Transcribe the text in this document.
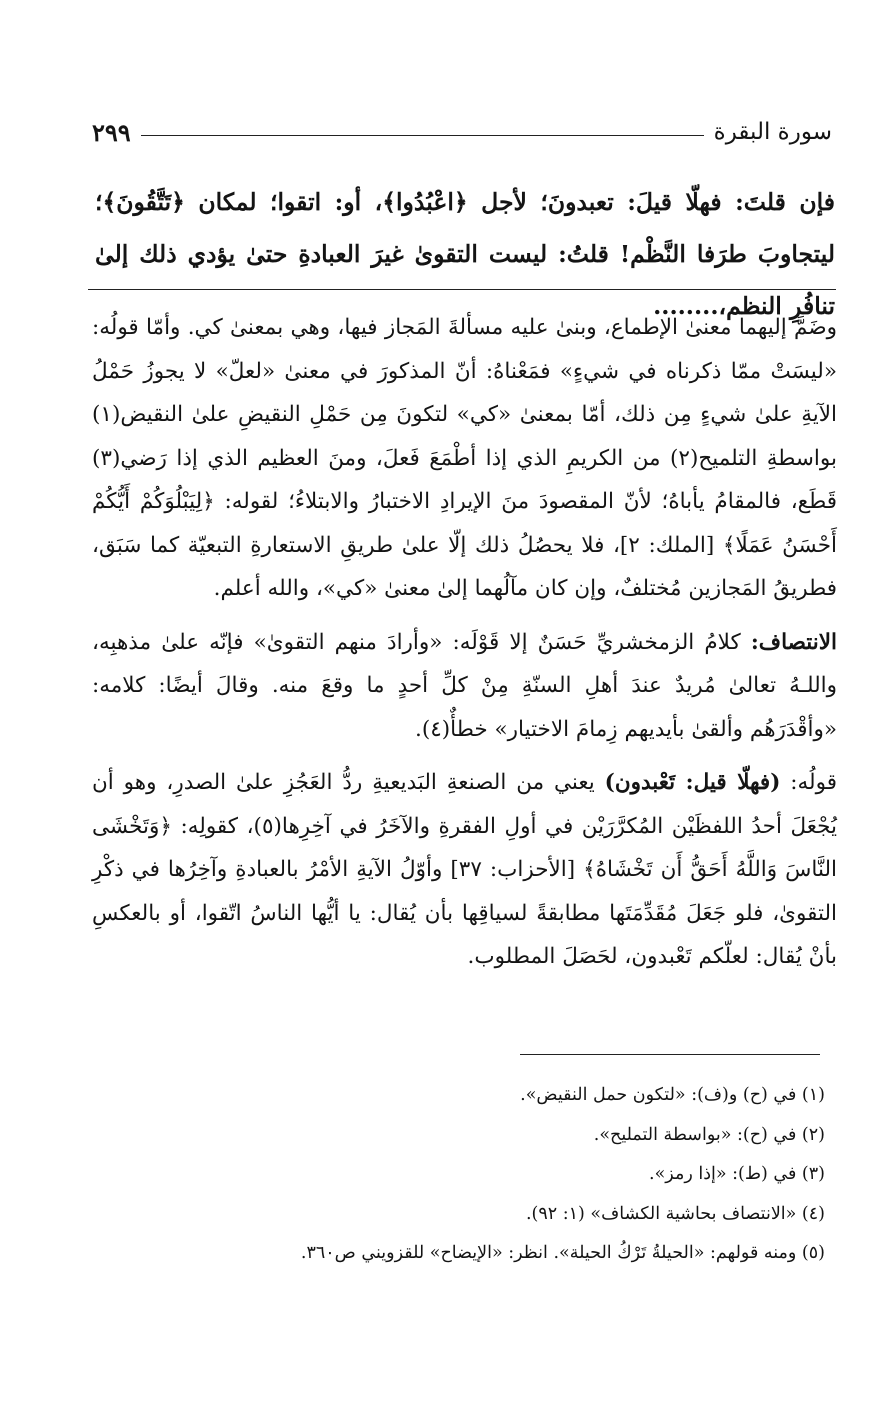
سورة البقرة
٢٩٩
فإن قلتَ: فهلّا قيلَ: تعبدونَ؛ لأجل ﴿اعْبُدُوا﴾، أو: اتقوا؛ لمكان ﴿تَتَّقُونَ﴾؛ ليتجاوبَ طرَفا النَّظْم! قلتُ: ليست التقوىٰ غيرَ العبادةِ حتىٰ يؤدي ذلك إلىٰ تنافُرِ النظم،........

وضَمَّ إليهما معنىٰ الإطماع، وبنىٰ عليه مسألةَ المَجاز فيها، وهي بمعنىٰ كي. وأمّا قولُه: «ليسَتْ ممّا ذكرناه في شيءٍ» فمَعْناهُ: أنّ المذكورَ في معنىٰ «لعلّ» لا يجوزُ حَمْلُ الآيةِ علىٰ شيءٍ مِن ذلك، أمّا بمعنىٰ «كي» لتكونَ مِن حَمْلِ النقيضِ علىٰ النقيض(١) بواسطةِ التلميح(٢) من الكريمِ الذي إذا أطْمَعَ فَعلَ، ومنَ العظيم الذي إذا رَضي(٣) قَطَع، فالمقامُ يأباهُ؛ لأنّ المقصودَ منَ الإيرادِ الاختبارُ والابتلاءُ؛ لقوله: ﴿لِيَبْلُوَكُمْ أَيُّكُمْ أَحْسَنُ عَمَلًا﴾ [الملك: ٢]، فلا يحصُلُ ذلك إلّا علىٰ طريقِ الاستعارةِ التبعيّة كما سَبَق، فطريقُ المَجازين مُختلفٌ، وإن كان مآلُهما إلىٰ معنىٰ «كي»، والله أعلم.

الانتصاف: كلامُ الزمخشريِّ حَسَنٌ إلا قَوْلَه: «وأرادَ منهم التقوىٰ» فإنّه علىٰ مذهبِه، واللـهُ تعالىٰ مُريدٌ عندَ أهلِ السنّةِ مِنْ كلِّ أحدٍ ما وقعَ منه. وقالَ أيضًا: كلامه: «وأقْدَرَهُم وألقىٰ بأيديهم زِمامَ الاختيار» خطأٌ(٤).

قولُه: (فهلّا قيل: تَعْبدون) يعني من الصنعةِ البَديعيةِ ردُّ العَجُزِ علىٰ الصدرِ، وهو أن يُجْعَلَ أحدُ اللفظَيْن المُكرَّرَيْن في أولِ الفقرةِ والآخَرُ في آخِرِها(٥)، كقولِه: ﴿وَتَخْشَى النَّاسَ وَاللَّهُ أَحَقُّ أَن تَخْشَاهُ﴾ [الأحزاب: ٣٧] وأوّلُ الآيةِ الأمْرُ بالعبادةِ وآخِرُها في ذكْرِ التقوىٰ، فلو جَعَلَ مُقَدِّمَتَها مطابقةً لسياقِها بأن يُقال: يا أيُّها الناسُ اتّقوا، أو بالعكسِ بأنْ يُقال: لعلّكم تَعْبدون، لحَصَلَ المطلوب.

(١) في (ح) و(ف): «لتكون حمل النقيض».
(٢) في (ح): «بواسطة التمليح».
(٣) في (ط): «إذا رمز».
(٤) «الانتصاف بحاشية الكشاف» (١: ٩٢).
(٥) ومنه قولهم: «الحيلةُ تَرْكُ الحيلة». انظر: «الإيضاح» للقزويني ص٣٦٠.
